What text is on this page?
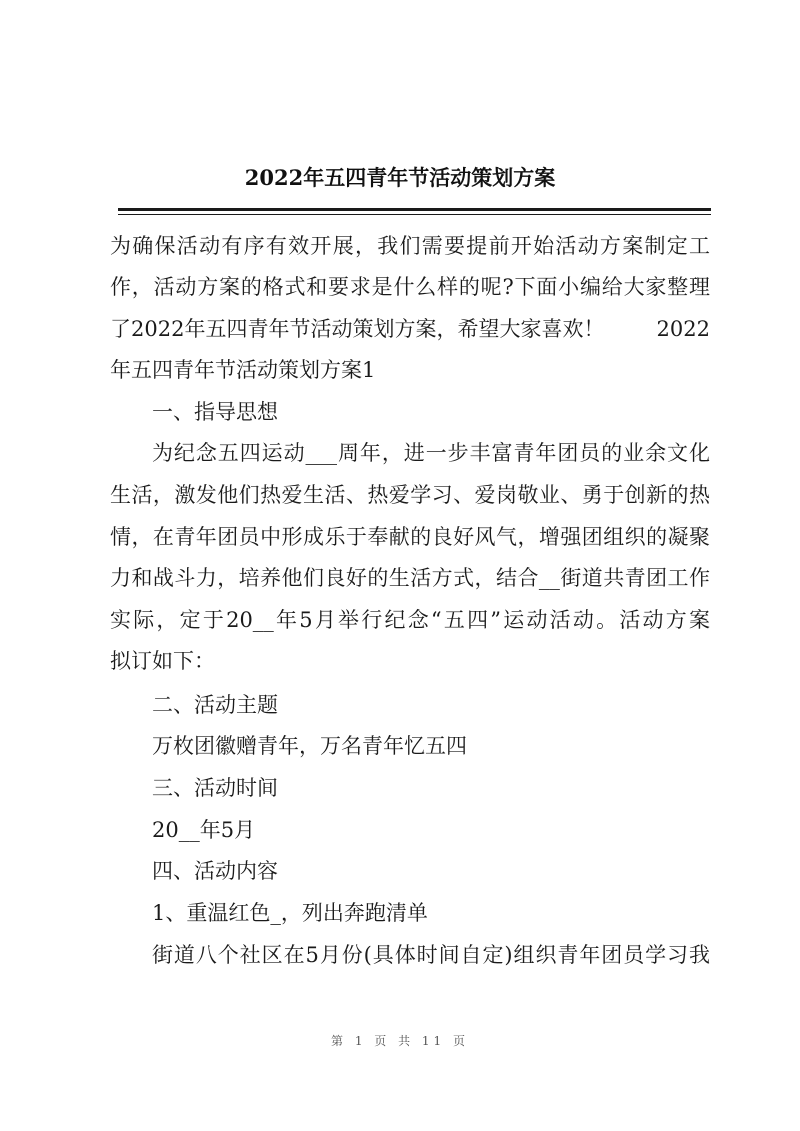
2022年五四青年节活动策划方案
为确保活动有序有效开展，我们需要提前开始活动方案制定工
作，活动方案的格式和要求是什么样的呢?下面小编给大家整理
了2022年五四青年节活动策划方案，希望大家喜欢！ 2022
年五四青年节活动策划方案1
一、指导思想
为纪念五四运动___周年，进一步丰富青年团员的业余文化
生活，激发他们热爱生活、热爱学习、爱岗敬业、勇于创新的热
情，在青年团员中形成乐于奉献的良好风气，增强团组织的凝聚
力和战斗力，培养他们良好的生活方式，结合__街道共青团工作
实际，定于20__年5月举行纪念“五四”运动活动。活动方案
拟订如下：
二、活动主题
万枚团徽赠青年，万名青年忆五四
三、活动时间
20__年5月
四、活动内容
1、重温红色_，列出奔跑清单
街道八个社区在5月份(具体时间自定)组织青年团员学习我
第 1 页 共 11 页
